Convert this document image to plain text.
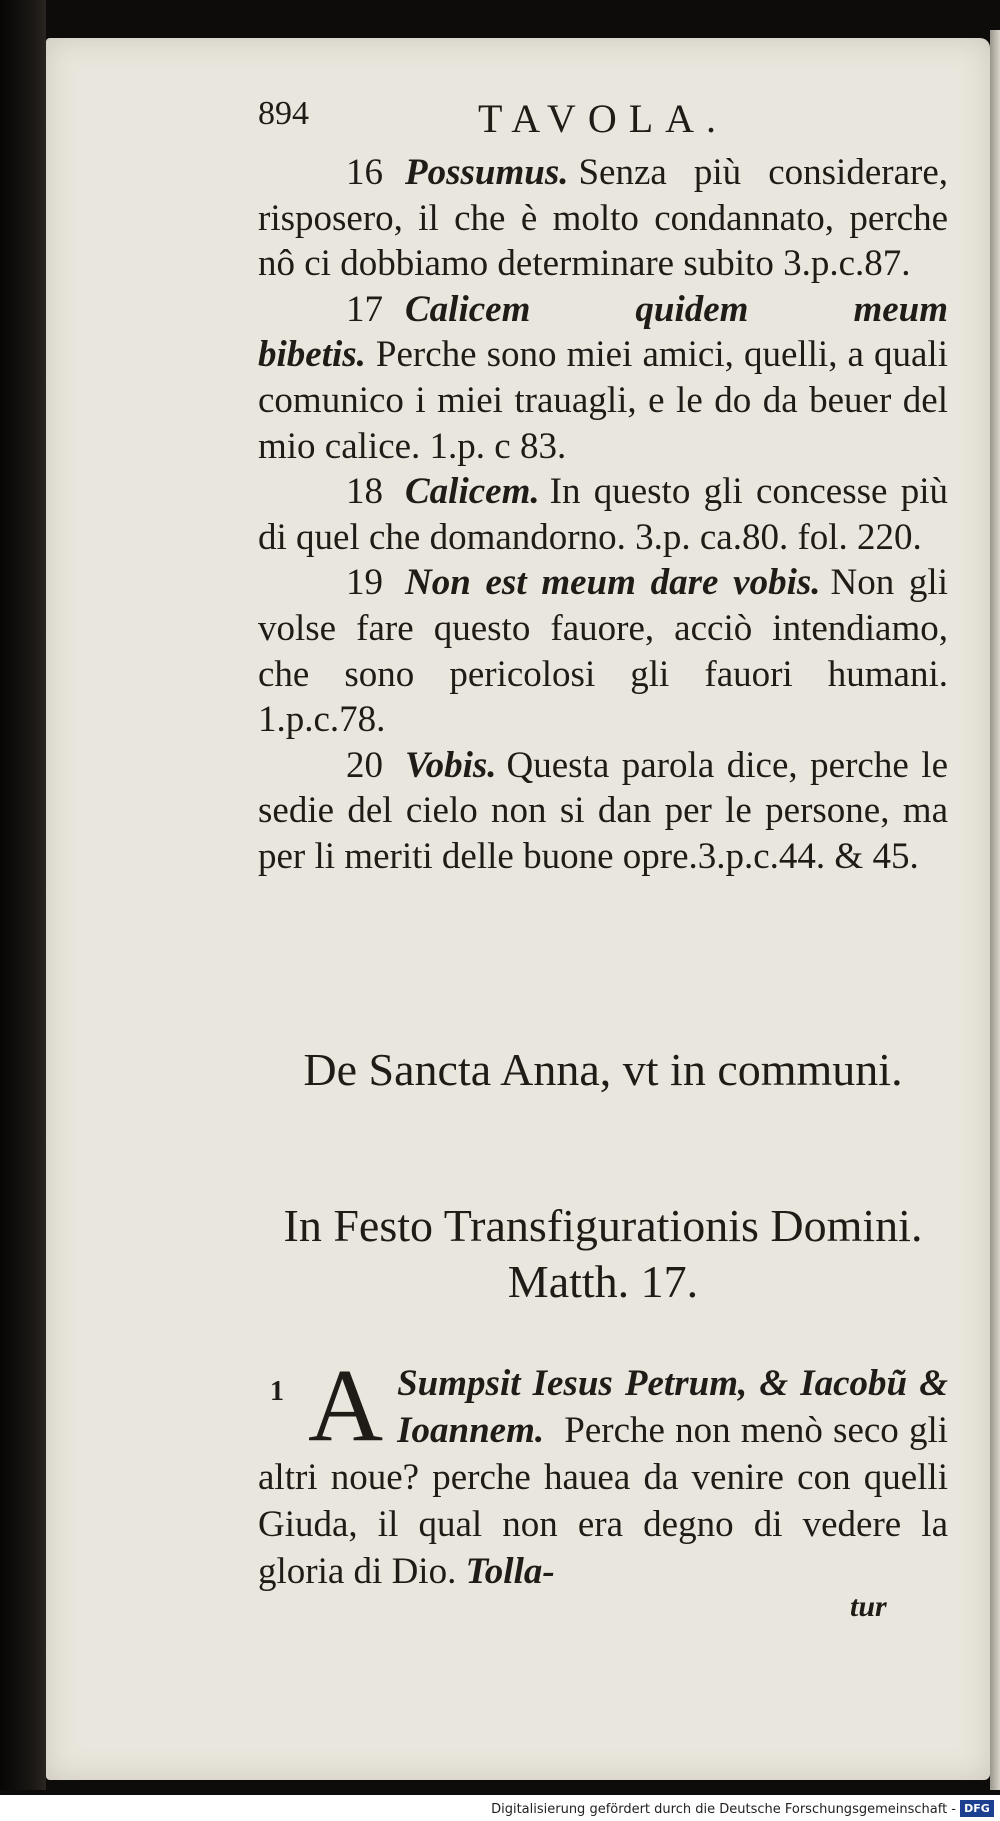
894	TAVOLA.

16 Possumus. Senza più considerare, risposero, il che è molto condannato, perche nô ci dobbiamo determinare subito 3.p.c.87.

17 Calicem quidem meum bibetis. Perche sono miei amici, quelli, a quali comunico i miei trauagli, e le do da beuer del mio calice. 1.p. c 83.

18 Calicem. In questo gli concesse più di quel che domandorno. 3.p. ca.80. fol. 220.

19 Non est meum dare vobis. Non gli volse fare questo fauore, acciò intendiamo, che sono pericolosi gli fauori humani. 1.p.c.78.

20 Vobis. Questa parola dice, perche le sedie del cielo non si dan per le persone, ma per li meriti delle buone opre.3.p.c.44. & 45.

De Sancta Anna, vt in communi.
In Festo Transfigurationis Domini. Matth. 17.
1 A Sumpsit Iesus Petrum, & Iacobũ & Ioannem. Perche non menò seco gli altri noue? perche hauea da venire con quelli Giuda, il qual non era degno di vedere la gloria di Dio. Tolla-
tur
Digitalisierung gefördert durch die Deutsche Forschungsgemeinschaft - DFG
